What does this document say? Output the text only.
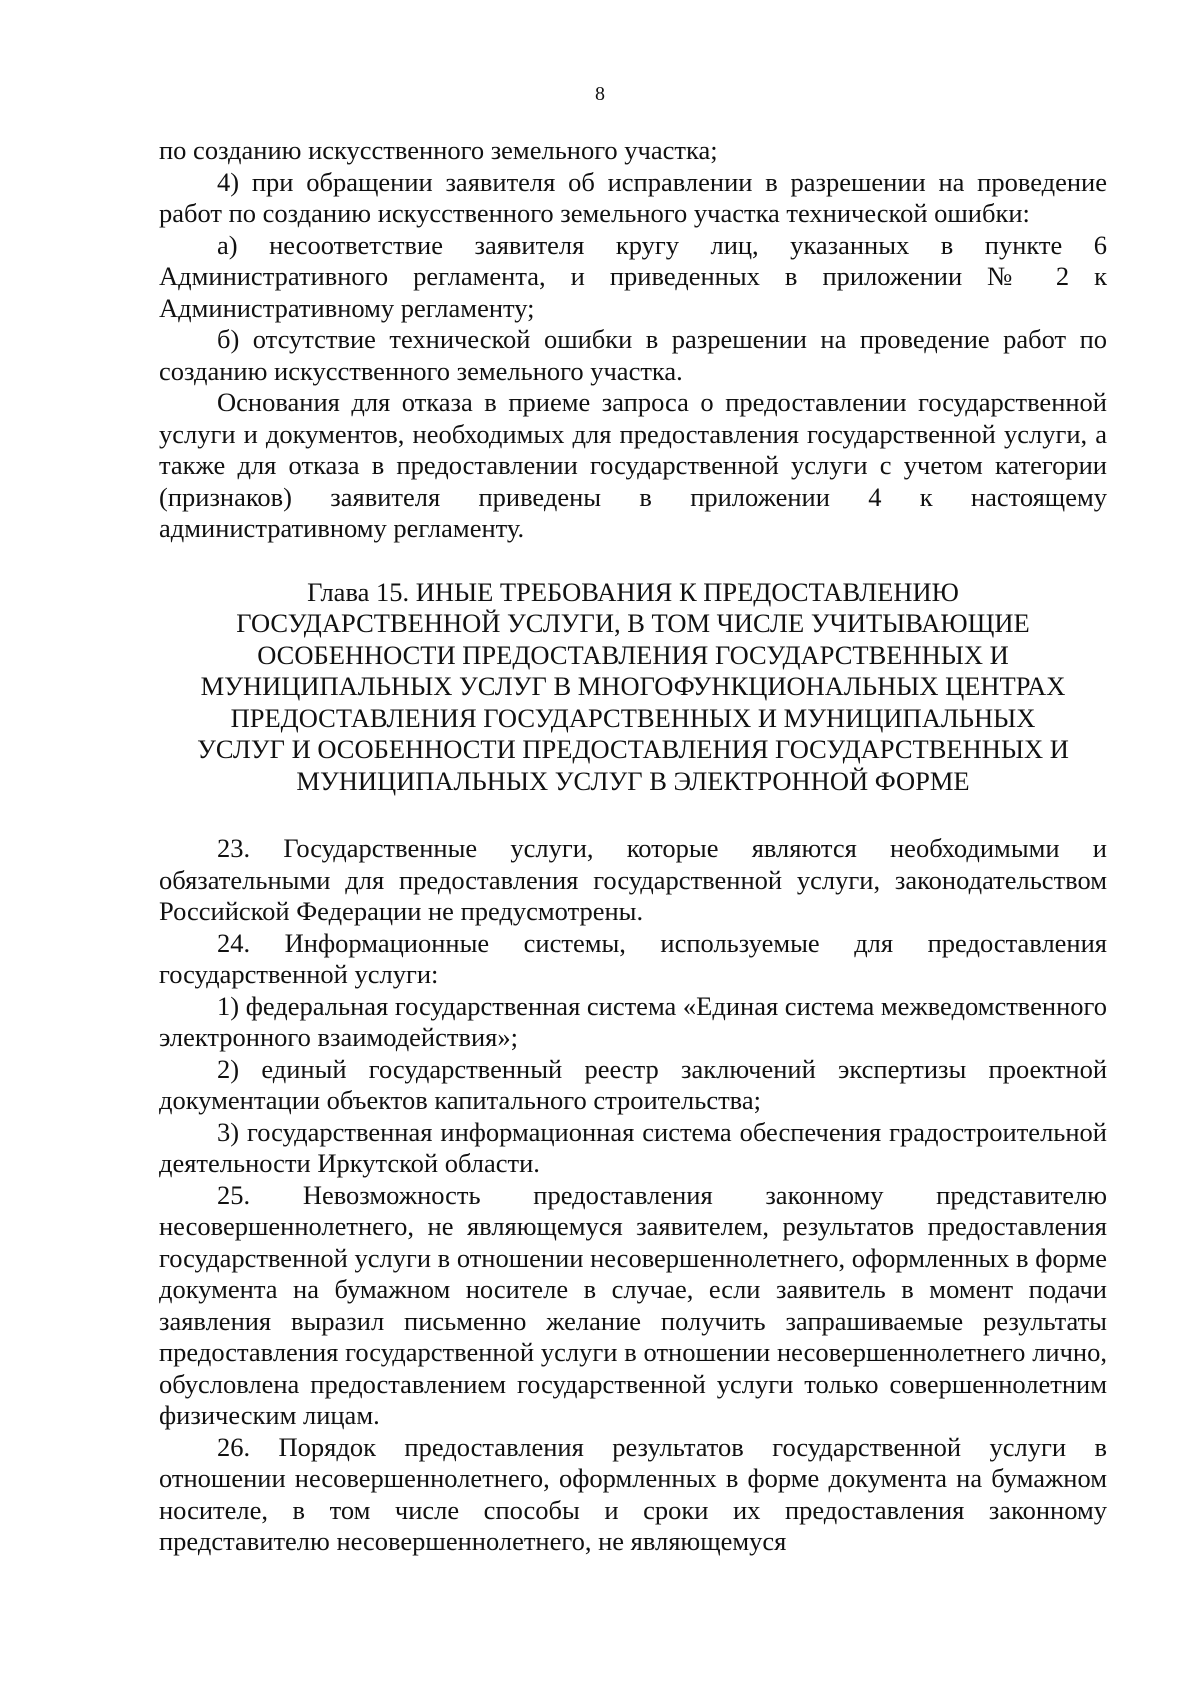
8

по созданию искусственного земельного участка;

4) при обращении заявителя об исправлении в разрешении на проведение работ по созданию искусственного земельного участка технической ошибки:

а) несоответствие заявителя кругу лиц, указанных в пункте 6 Административного регламента, и приведенных в приложении № 2 к Административному регламенту;

б) отсутствие технической ошибки в разрешении на проведение работ по созданию искусственного земельного участка.

Основания для отказа в приеме запроса о предоставлении государственной услуги и документов, необходимых для предоставления государственной услуги, а также для отказа в предоставлении государственной услуги с учетом категории (признаков) заявителя приведены в приложении 4 к настоящему административному регламенту.

Глава 15. ИНЫЕ ТРЕБОВАНИЯ К ПРЕДОСТАВЛЕНИЮ
ГОСУДАРСТВЕННОЙ УСЛУГИ, В ТОМ ЧИСЛЕ УЧИТЫВАЮЩИЕ
ОСОБЕННОСТИ ПРЕДОСТАВЛЕНИЯ ГОСУДАРСТВЕННЫХ И
МУНИЦИПАЛЬНЫХ УСЛУГ В МНОГОФУНКЦИОНАЛЬНЫХ ЦЕНТРАХ
ПРЕДОСТАВЛЕНИЯ ГОСУДАРСТВЕННЫХ И МУНИЦИПАЛЬНЫХ
УСЛУГ И ОСОБЕННОСТИ ПРЕДОСТАВЛЕНИЯ ГОСУДАРСТВЕННЫХ И
МУНИЦИПАЛЬНЫХ УСЛУГ В ЭЛЕКТРОННОЙ ФОРМЕ

23. Государственные услуги, которые являются необходимыми и обязательными для предоставления государственной услуги, законодательством Российской Федерации не предусмотрены.

24. Информационные системы, используемые для предоставления государственной услуги:

1) федеральная государственная система «Единая система межведомственного электронного взаимодействия»;

2) единый государственный реестр заключений экспертизы проектной документации объектов капитального строительства;

3) государственная информационная система обеспечения градостроительной деятельности Иркутской области.

25. Невозможность предоставления законному представителю несовершеннолетнего, не являющемуся заявителем, результатов предоставления государственной услуги в отношении несовершеннолетнего, оформленных в форме документа на бумажном носителе в случае, если заявитель в момент подачи заявления выразил письменно желание получить запрашиваемые результаты предоставления государственной услуги в отношении несовершеннолетнего лично, обусловлена предоставлением государственной услуги только совершеннолетним физическим лицам.

26. Порядок предоставления результатов государственной услуги в отношении несовершеннолетнего, оформленных в форме документа на бумажном носителе, в том числе способы и сроки их предоставления законному представителю несовершеннолетнего, не являющемуся
